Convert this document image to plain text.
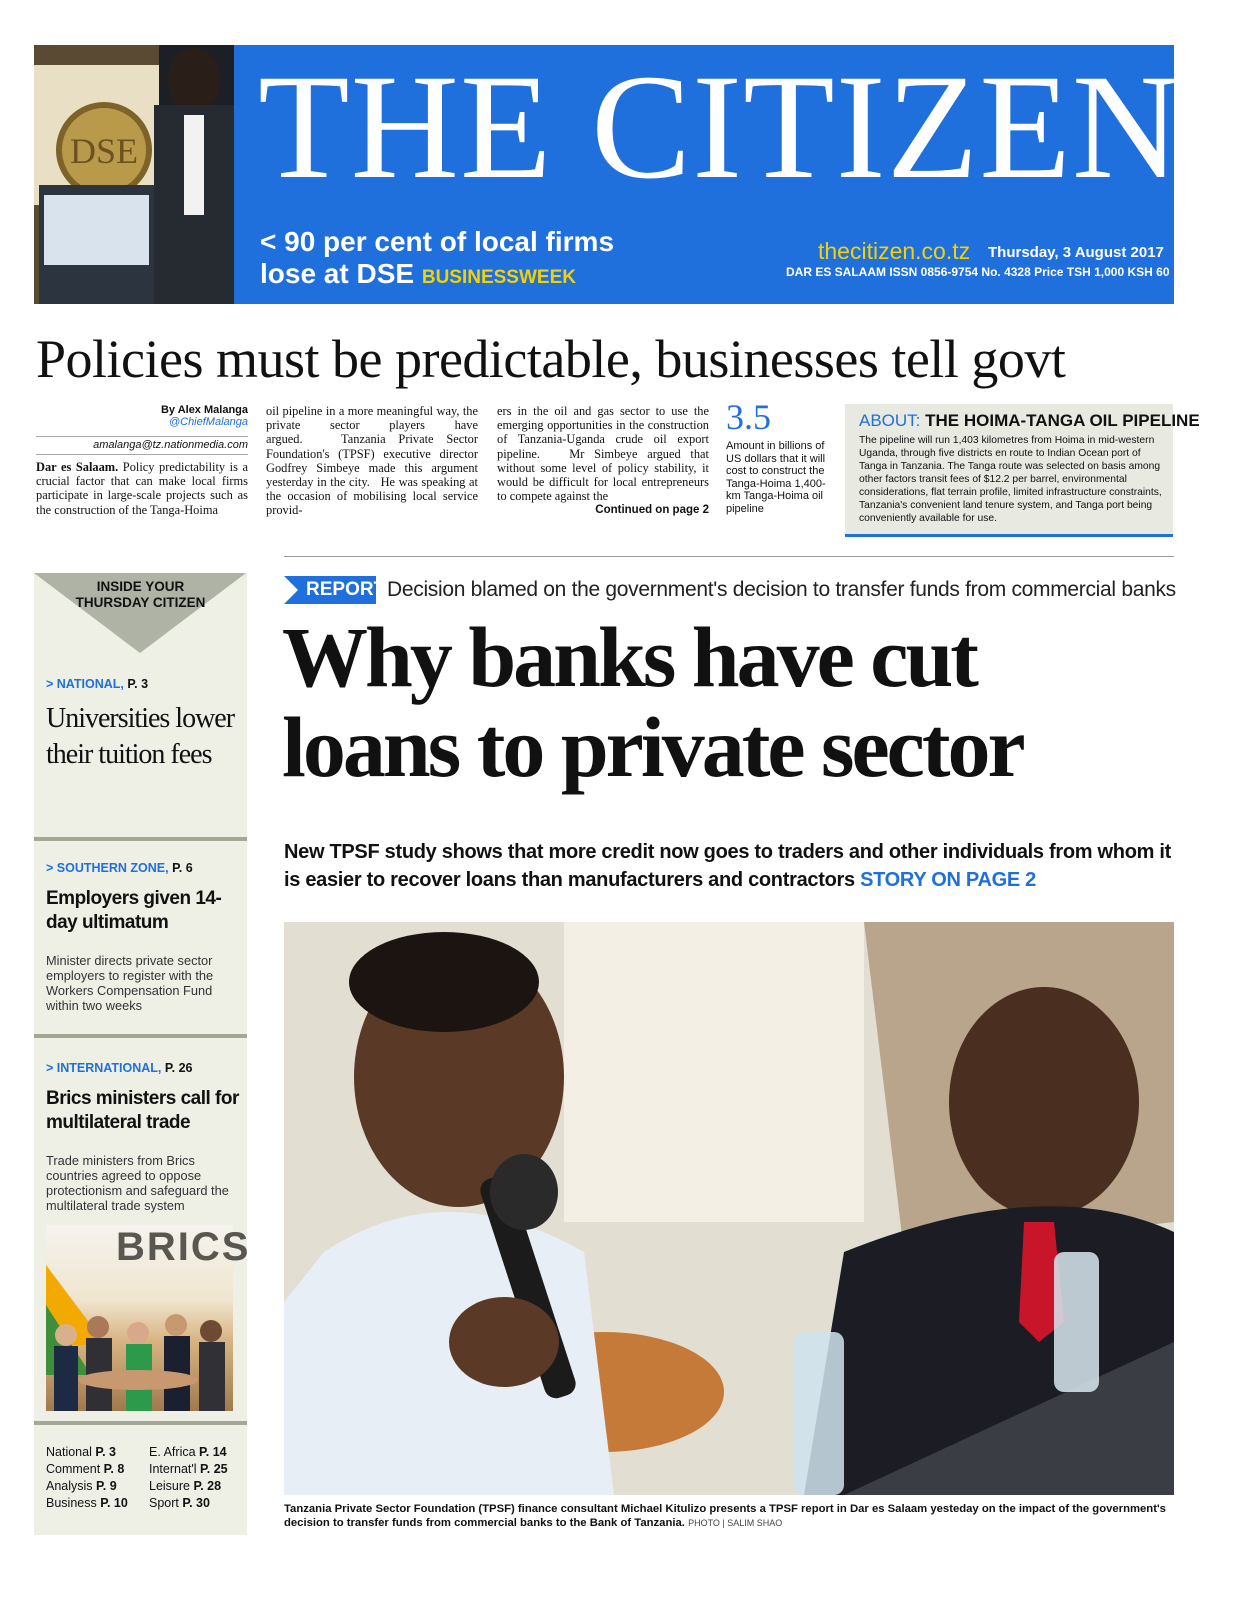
DSE THE CITIZEN
< 90 per cent of local firms
lose at DSE BUSINESSWEEK
thecitizen.co.tz Thursday, 3 August 2017
DAR ES SALAAM ISSN 0856-9754 No. 4328 Price TSH 1,000 KSH 60
Policies must be predictable, businesses tell govt
By Alex Malanga
@ChiefMalanga
amalanga@tz.nationmedia.com
Dar es Salaam. Policy predictability is a crucial factor that can make local firms participate in large-scale projects such as the construction of the Tanga-Hoima
oil pipeline in a more meaningful way, the private sector players have argued.   Tanzania Private Sector Foundation's (TPSF) executive director Godfrey Simbeye made this argument yesterday in the city.   He was speaking at the occasion of mobilising local service provid-
ers in the oil and gas sector to use the emerging opportunities in the construction of Tanzania-Uganda crude oil export pipeline.   Mr Simbeye argued that without some level of policy stability, it would be difficult for local entrepreneurs to compete against the
Continued on page 2
3.5
Amount in billions of US dollars that it will cost to construct the Tanga-Hoima 1,400-km Tanga-Hoima oil pipeline
ABOUT: THE HOIMA-TANGA OIL PIPELINE
The pipeline will run 1,403 kilometres from Hoima in mid-western Uganda, through five districts en route to Indian Ocean port of Tanga in Tanzania. The Tanga route was selected on basis among other factors transit fees of $12.2 per barrel, environmental considerations, flat terrain profile, limited infrastructure constraints, Tanzania's convenient land tenure system, and Tanga port being conveniently available for use.
INSIDE YOUR THURSDAY CITIZEN
> NATIONAL, P. 3
Universities lower their tuition fees
> SOUTHERN ZONE, P. 6
Employers given 14-day ultimatum
Minister directs private sector employers to register with the Workers Compensation Fund within two weeks
> INTERNATIONAL, P. 26
Brics ministers call for multilateral trade
Trade ministers from Brics countries agreed to oppose protectionism and safeguard the multilateral trade system
BRICS
National P. 3
Comment P. 8
Analysis P. 9
Business P. 10
E. Africa P. 14
Internat'l P. 25
Leisure P. 28
Sport P. 30
REPORT Decision blamed on the government's decision to transfer funds from commercial banks
Why banks have cut
loans to private sector
New TPSF study shows that more credit now goes to traders and other individuals from whom it is easier to recover loans than manufacturers and contractors STORY ON PAGE 2
Tanzania Private Sector Foundation (TPSF) finance consultant Michael Kitulizo presents a TPSF report in Dar es Salaam yesteday on the impact of the government's decision to transfer funds from commercial banks to the Bank of Tanzania. PHOTO | SALIM SHAO
